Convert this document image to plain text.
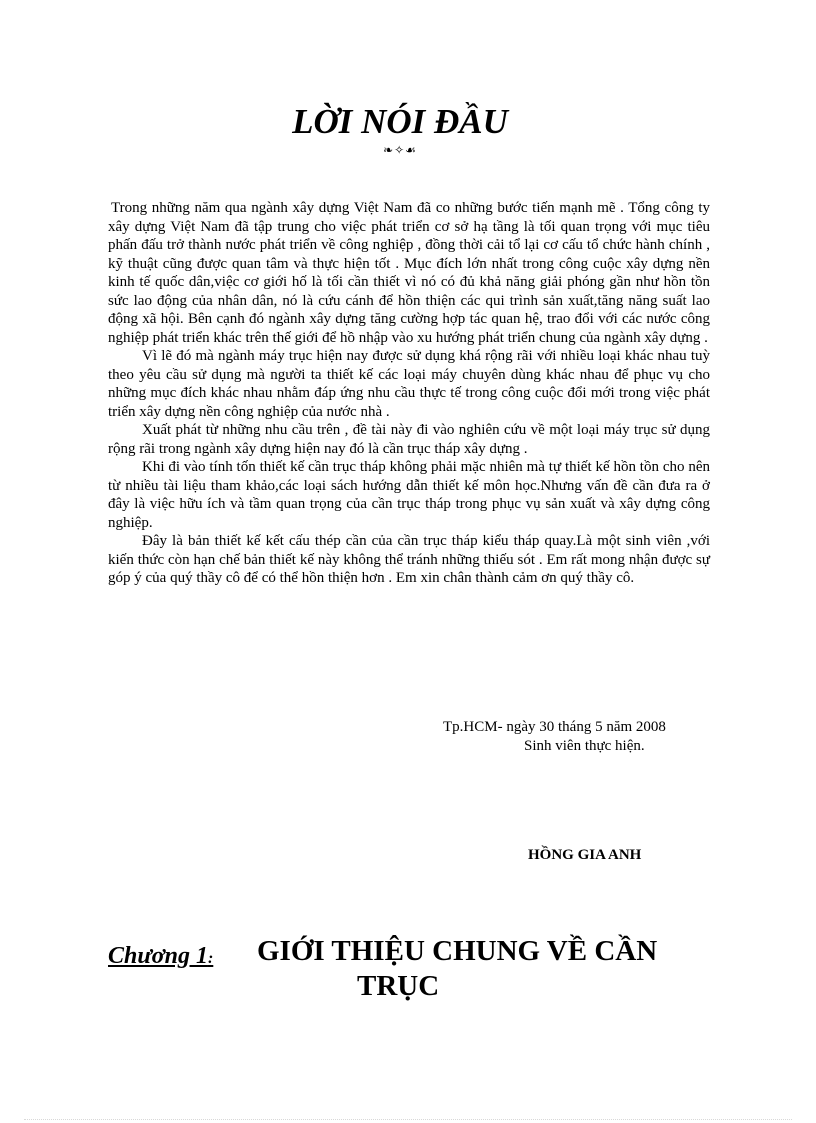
LỜI NÓI ĐẦU
❧✧☙

Trong những năm qua ngành xây dựng Việt Nam đã co những bước tiến mạnh mẽ . Tổng công ty xây dựng Việt Nam đã tập trung cho việc phát triển cơ sở hạ tầng là tối quan trọng với mục tiêu phấn đấu trở thành nước phát triển về công nghiệp , đồng thời cải tổ lại cơ cấu tổ chức hành chính , kỹ thuật cũng được quan tâm và thực hiện tốt . Mục đích lớn nhất trong công cuộc xây dựng nền kinh tế quốc dân,việc cơ giới hố là tối cần thiết vì nó có đủ khả năng giải phóng gần như hồn tồn sức lao động của nhân dân, nó là cứu cánh để hồn thiện các qui trình sản xuất,tăng năng suất lao động xã hội. Bên cạnh đó ngành xây dựng tăng cường hợp tác quan hệ, trao đổi với các nước công nghiệp phát triển khác trên thế giới để hồ nhập vào xu hướng phát triển chung của ngành xây dựng .

Vì lẽ đó mà ngành máy trục hiện nay được sử dụng khá rộng rãi với nhiều loại khác nhau tuỳ theo yêu cầu sử dụng mà người ta thiết kế các loại máy chuyên dùng khác nhau để phục vụ cho những mục đích khác nhau nhằm đáp ứng nhu cầu thực tế trong công cuộc đổi mới trong việc phát triển xây dựng nền công nghiệp của nước nhà .

Xuất phát từ những nhu cầu trên , đề tài này đi vào nghiên cứu về một loại máy trục sử dụng rộng rãi trong ngành xây dựng hiện nay đó là cần trục tháp xây dựng .

Khi đi vào tính tốn thiết kế cần trục tháp không phải mặc nhiên mà tự thiết kế hồn tồn cho nên từ nhiều tài liệu tham khảo,các loại sách hướng dẫn thiết kế môn học.Nhưng vấn đề cần đưa ra ở đây là việc hữu ích và tầm quan trọng của cần trục tháp trong phục vụ sản xuất và xây dựng công nghiệp.

Đây là bản thiết kế kết cấu thép cần của cần trục tháp kiểu tháp quay.Là một sinh viên ,với kiến thức còn hạn chế bản thiết kế này không thể tránh những thiếu sót . Em rất mong nhận được sự góp ý của quý thầy cô để có thể hồn thiện hơn . Em xin chân thành cảm ơn quý thầy cô.

Tp.HCM- ngày 30 tháng 5 năm 2008
Sinh viên thực hiện.
HỒNG GIA ANH
Chương 1: GIỚI THIỆU CHUNG VỀ CẦN
TRỤC
